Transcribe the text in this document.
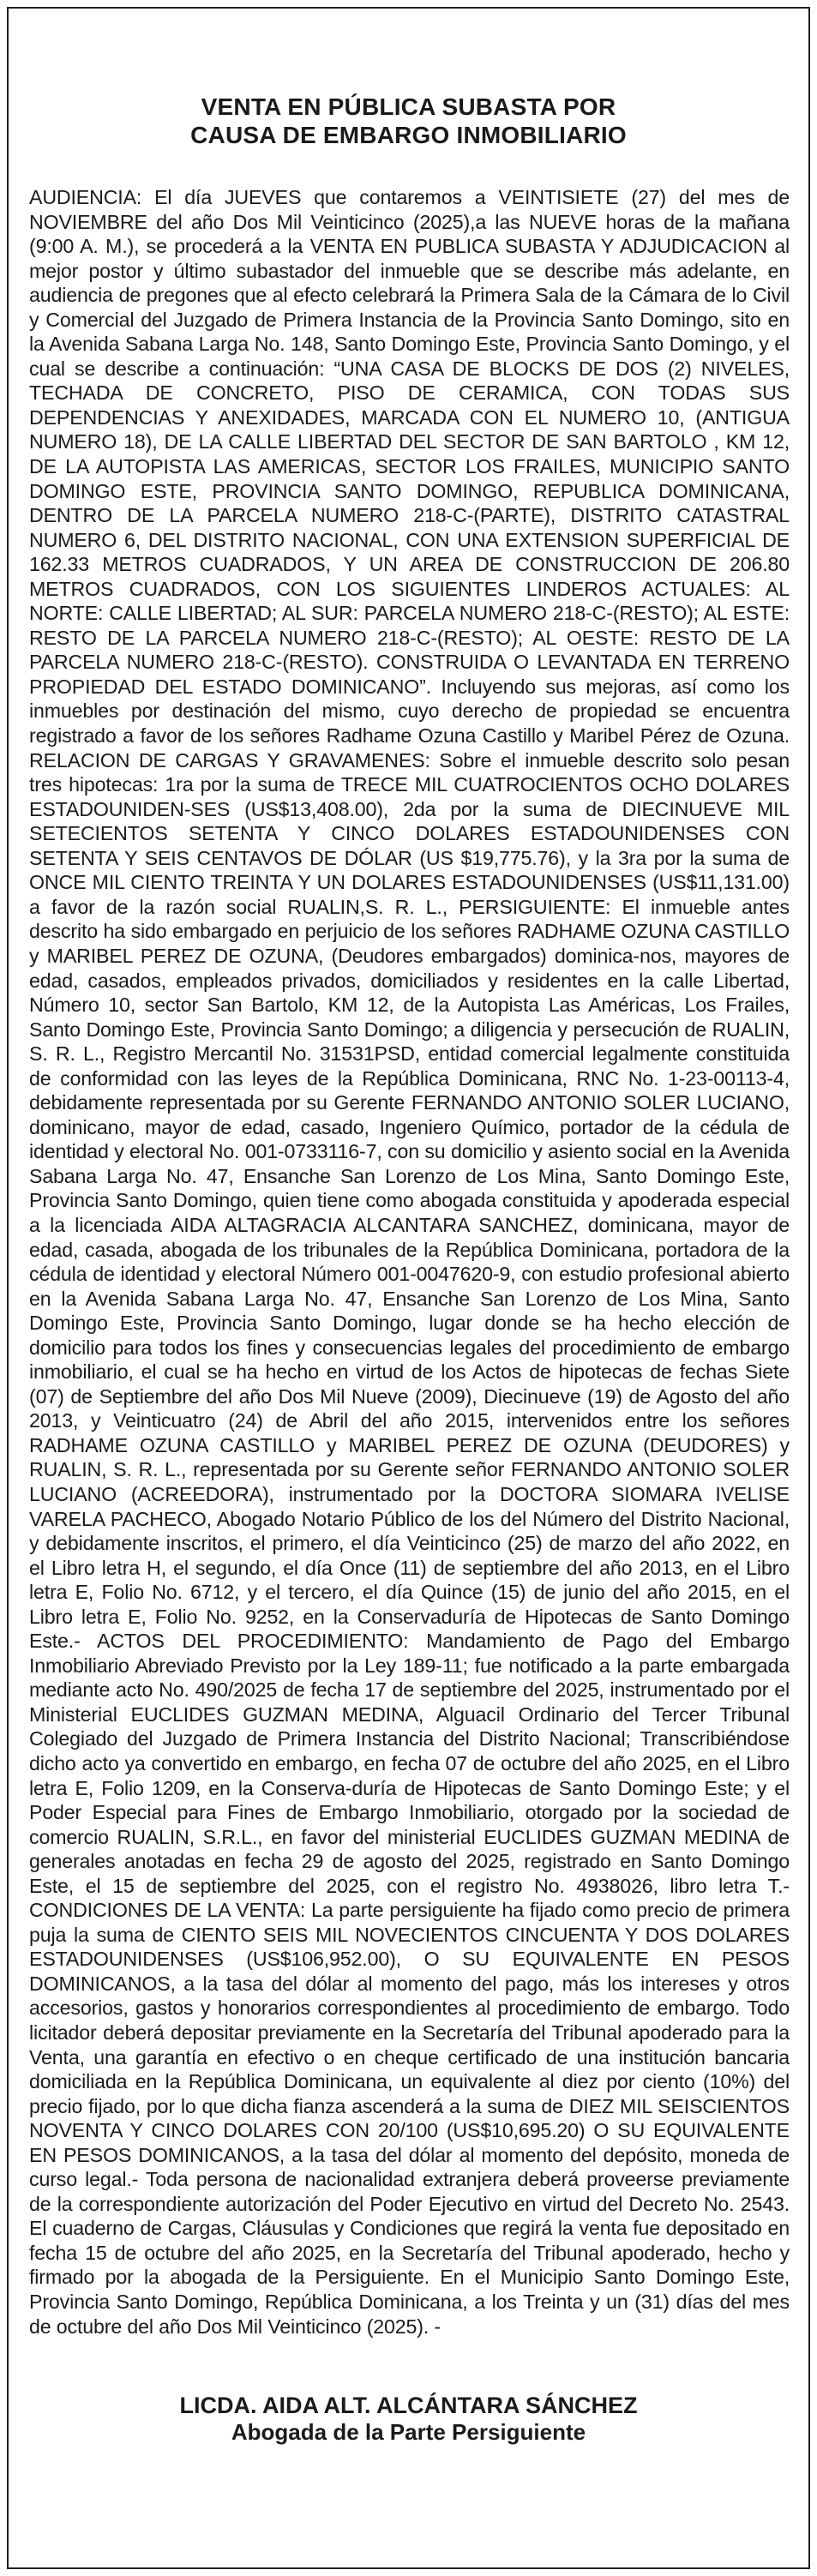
VENTA EN PÚBLICA SUBASTA POR
CAUSA DE EMBARGO INMOBILIARIO
AUDIENCIA: El día JUEVES que contaremos a VEINTISIETE (27) del mes de NOVIEMBRE del año Dos Mil Veinticinco (2025),a las NUEVE horas de la mañana (9:00 A. M.), se procederá a la VENTA EN PUBLICA SUBASTA Y ADJUDICACION al mejor postor y último subastador del inmueble que se describe más adelante, en audiencia de pregones que al efecto celebrará la Primera Sala de la Cámara de lo Civil y Comercial del Juzgado de Primera Instancia de la Provincia Santo Domingo, sito en la Avenida Sabana Larga No. 148, Santo Domingo Este, Provincia Santo Domingo, y el cual se describe a continuación: “UNA CASA DE BLOCKS DE DOS (2) NIVELES, TECHADA DE CONCRETO, PISO DE CERAMICA, CON TODAS SUS DEPENDENCIAS Y ANEXIDADES, MARCADA CON EL NUMERO 10, (ANTIGUA NUMERO 18), DE LA CALLE LIBERTAD DEL SECTOR DE SAN BARTOLO , KM 12, DE LA AUTOPISTA LAS AMERICAS, SECTOR LOS FRAILES, MUNICIPIO SANTO DOMINGO ESTE, PROVINCIA SANTO DOMINGO, REPUBLICA DOMINICANA, DENTRO DE LA PARCELA NUMERO 218-C-(PARTE), DISTRITO CATASTRAL NUMERO 6, DEL DISTRITO NACIONAL, CON UNA EXTENSION SUPERFICIAL DE 162.33 METROS CUADRADOS, Y UN AREA DE CONSTRUCCION DE 206.80 METROS CUADRADOS, CON LOS SIGUIENTES LINDEROS ACTUALES: AL NORTE: CALLE LIBERTAD; AL SUR: PARCELA NUMERO 218-C-(RESTO); AL ESTE: RESTO DE LA PARCELA NUMERO 218-C-(RESTO); AL OESTE: RESTO DE LA PARCELA NUMERO 218-C-(RESTO). CONSTRUIDA O LEVANTADA EN TERRENO PROPIEDAD DEL ESTADO DOMINICANO”. Incluyendo sus mejoras, así como los inmuebles por destinación del mismo, cuyo derecho de propiedad se encuentra registrado a favor de los señores Radhame Ozuna Castillo y Maribel Pérez de Ozuna. RELACION DE CARGAS Y GRAVAMENES: Sobre el inmueble descrito solo pesan tres hipotecas: 1ra por la suma de TRECE MIL CUATROCIENTOS OCHO DOLARES ESTADOUNIDEN-SES (US$13,408.00), 2da por la suma de DIECINUEVE MIL SETECIENTOS SETENTA Y CINCO DOLARES ESTADOUNIDENSES CON SETENTA Y SEIS CENTAVOS DE DÓLAR (US $19,775.76), y la 3ra por la suma de ONCE MIL CIENTO TREINTA Y UN DOLARES ESTADOUNIDENSES (US$11,131.00) a favor de la razón social RUALIN,S. R. L., PERSIGUIENTE: El inmueble antes descrito ha sido embargado en perjuicio de los señores RADHAME OZUNA CASTILLO y MARIBEL PEREZ DE OZUNA, (Deudores embargados) dominica-nos, mayores de edad, casados, empleados privados, domiciliados y residentes en la calle Libertad, Número 10, sector San Bartolo, KM 12, de la Autopista Las Américas, Los Frailes, Santo Domingo Este, Provincia Santo Domingo; a diligencia y persecución de RUALIN, S. R. L., Registro Mercantil No. 31531PSD, entidad comercial legalmente constituida de conformidad con las leyes de la República Dominicana, RNC No. 1-23-00113-4, debidamente representada por su Gerente FERNANDO ANTONIO SOLER LUCIANO, dominicano, mayor de edad, casado, Ingeniero Químico, portador de la cédula de identidad y electoral No. 001-0733116-7, con su domicilio y asiento social en la Avenida Sabana Larga No. 47, Ensanche San Lorenzo de Los Mina, Santo Domingo Este, Provincia Santo Domingo, quien tiene como abogada constituida y apoderada especial a la licenciada AIDA ALTAGRACIA ALCANTARA SANCHEZ, dominicana, mayor de edad, casada, abogada de los tribunales de la República Dominicana, portadora de la cédula de identidad y electoral Número 001-0047620-9, con estudio profesional abierto en la Avenida Sabana Larga No. 47, Ensanche San Lorenzo de Los Mina, Santo Domingo Este, Provincia Santo Domingo, lugar donde se ha hecho elección de domicilio para todos los fines y consecuencias legales del procedimiento de embargo inmobiliario, el cual se ha hecho en virtud de los Actos de hipotecas de fechas Siete (07) de Septiembre del año Dos Mil Nueve (2009), Diecinueve (19) de Agosto del año 2013, y Veinticuatro (24) de Abril del año 2015, intervenidos entre los señores RADHAME OZUNA CASTILLO y MARIBEL PEREZ DE OZUNA (DEUDORES) y RUALIN, S. R. L., representada por su Gerente señor FERNANDO ANTONIO SOLER LUCIANO (ACREEDORA), instrumentado por la DOCTORA SIOMARA IVELISE VARELA PACHECO, Abogado Notario Público de los del Número del Distrito Nacional, y debidamente inscritos, el primero, el día Veinticinco (25) de marzo del año 2022, en el Libro letra H, el segundo, el día Once (11) de septiembre del año 2013, en el Libro letra E, Folio No. 6712, y el tercero, el día Quince (15) de junio del año 2015, en el Libro letra E, Folio No. 9252, en la Conservaduría de Hipotecas de Santo Domingo Este.- ACTOS DEL PROCEDIMIENTO: Mandamiento de Pago del Embargo Inmobiliario Abreviado Previsto por la Ley 189-11; fue notificado a la parte embargada mediante acto No. 490/2025 de fecha 17 de septiembre del 2025, instrumentado por el Ministerial EUCLIDES GUZMAN MEDINA, Alguacil Ordinario del Tercer Tribunal Colegiado del Juzgado de Primera Instancia del Distrito Nacional; Transcribiéndose dicho acto ya convertido en embargo, en fecha 07 de octubre del año 2025, en el Libro letra E, Folio 1209, en la Conserva-duría de Hipotecas de Santo Domingo Este; y el Poder Especial para Fines de Embargo Inmobiliario, otorgado por la sociedad de comercio RUALIN, S.R.L., en favor del ministerial EUCLIDES GUZMAN MEDINA de generales anotadas en fecha 29 de agosto del 2025, registrado en Santo Domingo Este, el 15 de septiembre del 2025, con el registro No. 4938026, libro letra T.- CONDICIONES DE LA VENTA: La parte persiguiente ha fijado como precio de primera puja la suma de CIENTO SEIS MIL NOVECIENTOS CINCUENTA Y DOS DOLARES ESTADOUNIDENSES (US$106,952.00), O SU EQUIVALENTE EN PESOS DOMINICANOS, a la tasa del dólar al momento del pago, más los intereses y otros accesorios, gastos y honorarios correspondientes al procedimiento de embargo. Todo licitador deberá depositar previamente en la Secretaría del Tribunal apoderado para la Venta, una garantía en efectivo o en cheque certificado de una institución bancaria domiciliada en la República Dominicana, un equivalente al diez por ciento (10%) del precio fijado, por lo que dicha fianza ascenderá a la suma de DIEZ MIL SEISCIENTOS NOVENTA Y CINCO DOLARES CON 20/100 (US$10,695.20) O SU EQUIVALENTE EN PESOS DOMINICANOS, a la tasa del dólar al momento del depósito, moneda de curso legal.- Toda persona de nacionalidad extranjera deberá proveerse previamente de la correspondiente autorización del Poder Ejecutivo en virtud del Decreto No. 2543. El cuaderno de Cargas, Cláusulas y Condiciones que regirá la venta fue depositado en fecha 15 de octubre del año 2025, en la Secretaría del Tribunal apoderado, hecho y firmado por la abogada de la Persiguiente. En el Municipio Santo Domingo Este, Provincia Santo Domingo, República Dominicana, a los Treinta y un (31) días del mes de octubre del año Dos Mil Veinticinco (2025). -
LICDA. AIDA ALT. ALCÁNTARA SÁNCHEZ
Abogada de la Parte Persiguiente
